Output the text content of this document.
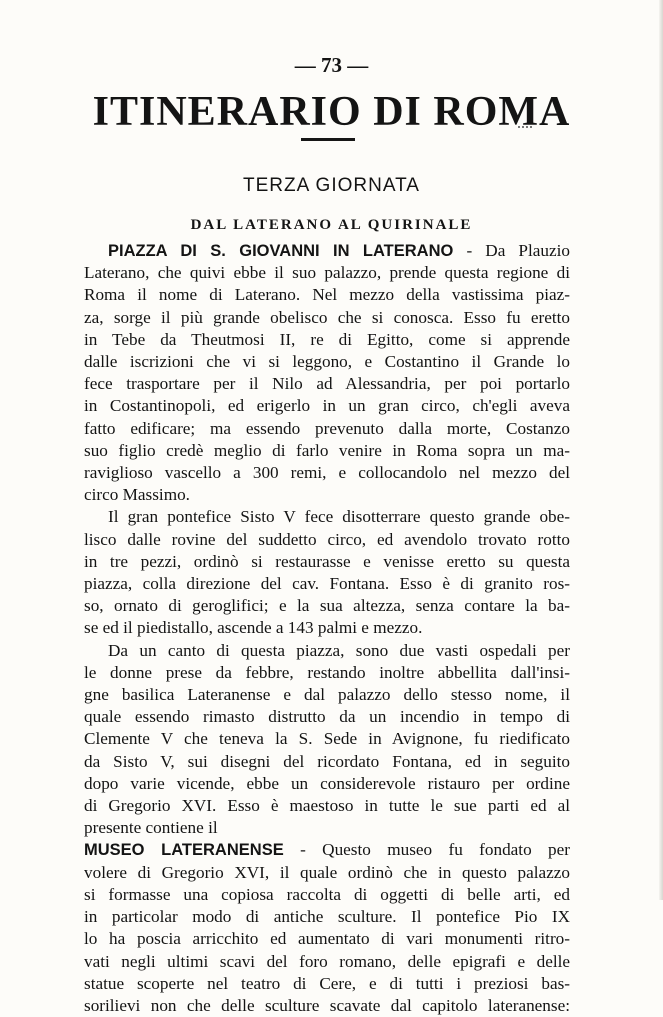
— 73 —
ITINERARIO DI ROMA
TERZA GIORNATA
DAL LATERANO AL QUIRINALE
PIAZZA DI S. GIOVANNI IN LATERANO - Da Plauzio
Laterano, che quivi ebbe il suo palazzo, prende questa regione di
Roma il nome di Laterano. Nel mezzo della vastissima piaz-
za, sorge il più grande obelisco che si conosca. Esso fu eretto
in Tebe da Theutmosi II, re di Egitto, come si apprende
dalle iscrizioni che vi si leggono, e Costantino il Grande lo
fece trasportare per il Nilo ad Alessandria, per poi portarlo
in Costantinopoli, ed erigerlo in un gran circo, ch'egli aveva
fatto edificare; ma essendo prevenuto dalla morte, Costanzo
suo figlio credè meglio di farlo venire in Roma sopra un ma-
raviglioso vascello a 300 remi, e collocandolo nel mezzo del
circo Massimo.
Il gran pontefice Sisto V fece disotterrare questo grande obe-
lisco dalle rovine del suddetto circo, ed avendolo trovato rotto
in tre pezzi, ordinò si restaurasse e venisse eretto su questa
piazza, colla direzione del cav. Fontana. Esso è di granito ros-
so, ornato di geroglifici; e la sua altezza, senza contare la ba-
se ed il piedistallo, ascende a 143 palmi e mezzo.
Da un canto di questa piazza, sono due vasti ospedali per
le donne prese da febbre, restando inoltre abbellita dall'insi-
gne basilica Lateranense e dal palazzo dello stesso nome, il
quale essendo rimasto distrutto da un incendio in tempo di
Clemente V che teneva la S. Sede in Avignone, fu riedificato
da Sisto V, sui disegni del ricordato Fontana, ed in seguito
dopo varie vicende, ebbe un considerevole ristauro per ordine
di Gregorio XVI. Esso è maestoso in tutte le sue parti ed al
presente contiene il
MUSEO LATERANENSE - Questo museo fu fondato per
volere di Gregorio XVI, il quale ordinò che in questo palazzo
si formasse una copiosa raccolta di oggetti di belle arti, ed
in particolar modo di antiche sculture. Il pontefice Pio IX
lo ha poscia arricchito ed aumentato di vari monumenti ritro-
vati negli ultimi scavi del foro romano, delle epigrafi e delle
statue scoperte nel teatro di Cere, e di tutti i preziosi bas-
sorilievi non che delle sculture scavate dal capitolo lateranense:
